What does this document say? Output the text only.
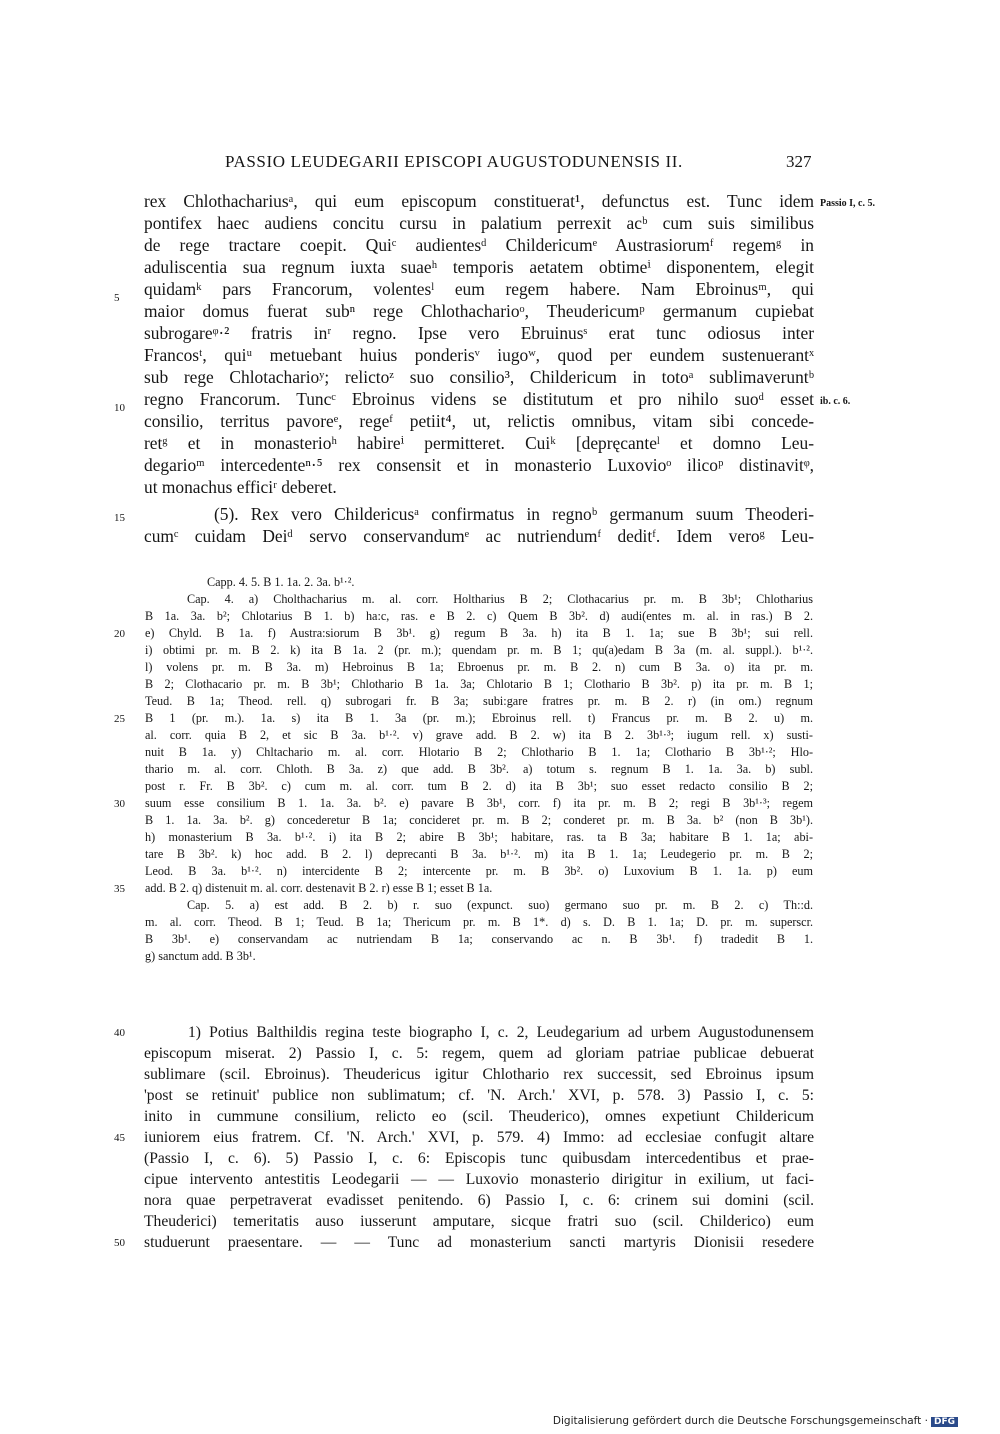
PASSIO LEUDEGARII EPISCOPI AUGUSTODUNENSIS II.	327
rex Chlothachariusᵃ, qui eum episcopum constituerat¹, defunctus est. Tunc idem
pontifex haec audiens concitu cursu in palatium perrexit acᵇ cum suis similibus
de rege tractare coepit. Quiᶜ audientesᵈ Childericumᵉ Austrasiorumᶠ regemᵍ in
aduliscentia sua regnum iuxta suaeʰ temporis aetatem obtimeⁱ disponentem, elegit
quidamᵏ pars Francorum, volentesˡ eum regem habere. Nam Ebroinusᵐ, qui
maior domus fuerat subⁿ rege Chlothacharioᵒ, Theudericumᵖ germanum cupiebat
subrogareᵠ·² fratris inʳ regno. Ipse vero Ebruinusˢ erat tunc odiosus inter
Francosᵗ, quiᵘ metuebant huius ponderisᵛ iugoʷ, quod per eundem sustenuerantˣ
sub rege Chlotacharioʸ; relictoᶻ suo consilio³, Childericum in totoᵃ sublimaveruntᵇ
regno Francorum. Tuncᶜ Ebroinus videns se distitutum et pro nihilo suoᵈ esset
consilio, territus pavoreᵉ, regeᶠ petiit⁴, ut, relictis omnibus, vitam sibi concede-
retᵍ et in monasterioʰ habireⁱ permitteret. Cuiᵏ [depręcanteˡ et domno Leu-
degarioᵐ intercedenteⁿ·⁵ rex consensit et in monasterio Luxovioᵒ ilicoᵖ distinavitᵠ,
ut monachus efficiʳ deberet.
(5). Rex vero Childericusᵃ confirmatus in regnoᵇ germanum suum Theoderi-
cumᶜ cuidam Deiᵈ servo conservandumᵉ ac nutriendumᶠ deditᶠ. Idem veroᵍ Leu-
5
10
15
Passio I, c. 5.
ib. c. 6.
Capp. 4. 5. B 1. 1a. 2. 3a. b¹·².
Cap. 4. a) Cholthacharius m. al. corr. Holtharius B 2; Clothacarius pr. m. B 3b¹; Chlotharius
B 1a. 3a. b²; Chlotarius B 1. b) ha:c, ras. e B 2. c) Quem B 3b². d) audi(entes m. al. in ras.) B 2.
e) Chyld. B 1a. f) Austra:siorum B 3b¹. g) regum B 3a. h) ita B 1. 1a; sue B 3b¹; sui rell.
i) obtimi pr. m. B 2. k) ita B 1a. 2 (pr. m.); quendam pr. m. B 1; qu(a)edam B 3a (m. al. suppl.). b¹·².
l) volens pr. m. B 3a. m) Hebroinus B 1a; Ebroenus pr. m. B 2. n) cum B 3a. o) ita pr. m.
B 2; Clothacario pr. m. B 3b¹; Chlothario B 1a. 3a; Chlotario B 1; Clothario B 3b². p) ita pr. m. B 1;
Teud. B 1a; Theod. rell. q) subrogari fr. B 3a; subi:gare fratres pr. m. B 2. r) (in om.) regnum
B 1 (pr. m.). 1a. s) ita B 1. 3a (pr. m.); Ebroinus rell. t) Francus pr. m. B 2. u) m.
al. corr. quia B 2, et sic B 3a. b¹·². v) grave add. B 2. w) ita B 2. 3b¹·³; iugum rell. x) susti-
nuit B 1a. y) Chltachario m. al. corr. Hlotario B 2; Chlothario B 1. 1a; Clothario B 3b¹·²; Hlo-
thario m. al. corr. Chloth. B 3a. z) que add. B 3b². a) totum s. regnum B 1. 1a. 3a. b) subl.
post r. Fr. B 3b². c) cum m. al. corr. tum B 2. d) ita B 3b¹; suo esset redacto consilio B 2;
suum esse consilium B 1. 1a. 3a. b². e) pavare B 3b¹, corr. f) ita pr. m. B 2; regi B 3b¹·³; regem
B 1. 1a. 3a. b². g) concederetur B 1a; concideret pr. m. B 2; conderet pr. m. B 3a. b² (non B 3b¹).
h) monasterium B 3a. b¹·². i) ita B 2; abire B 3b¹; habitare, ras. ta B 3a; habitare B 1. 1a; abi-
tare B 3b². k) hoc add. B 2. l) deprecanti B 3a. b¹·². m) ita B 1. 1a; Leudegerio pr. m. B 2;
Leod. B 3a. b¹·². n) intercidente B 2; intercente pr. m. B 3b². o) Luxovium B 1. 1a. p) eum
add. B 2. q) distenuit m. al. corr. destenavit B 2. r) esse B 1; esset B 1a.
Cap. 5. a) est add. B 2. b) r. suo (expunct. suo) germano suo pr. m. B 2. c) Th::d.
m. al. corr. Theod. B 1; Teud. B 1a; Thericum pr. m. B 1*. d) s. D. B 1. 1a; D. pr. m. superscr.
B 3b¹. e) conservandam ac nutriendam B 1a; conservando ac n. B 3b¹. f) tradedit B 1.
g) sanctum add. B 3b¹.
20
25
30
35
1) Potius Balthildis regina teste biographo I, c. 2, Leudegarium ad urbem Augustodunensem
episcopum miserat. 2) Passio I, c. 5: regem, quem ad gloriam patriae publicae debuerat
sublimare (scil. Ebroinus). Theudericus igitur Chlothario rex successit, sed Ebroinus ipsum
'post se retinuit' publice non sublimatum; cf. 'N. Arch.' XVI, p. 578. 3) Passio I, c. 5:
inito in cummune consilium, relicto eo (scil. Theuderico), omnes expetiunt Childericum
iuniorem eius fratrem. Cf. 'N. Arch.' XVI, p. 579. 4) Immo: ad ecclesiae confugit altare
(Passio I, c. 6). 5) Passio I, c. 6: Episcopis tunc quibusdam intercedentibus et prae-
cipue intervento antestitis Leodegarii — — Luxovio monasterio dirigitur in exilium, ut faci-
nora quae perpetraverat evadisset penitendo. 6) Passio I, c. 6: crinem sui domini (scil.
Theuderici) temeritatis auso iusserunt amputare, sicque fratri suo (scil. Childerico) eum
studuerunt praesentare. — — Tunc ad monasterium sancti martyris Dionisii resedere
40
45
50
Digitalisierung gefördert durch die Deutsche Forschungsgemeinschaft · DFG
